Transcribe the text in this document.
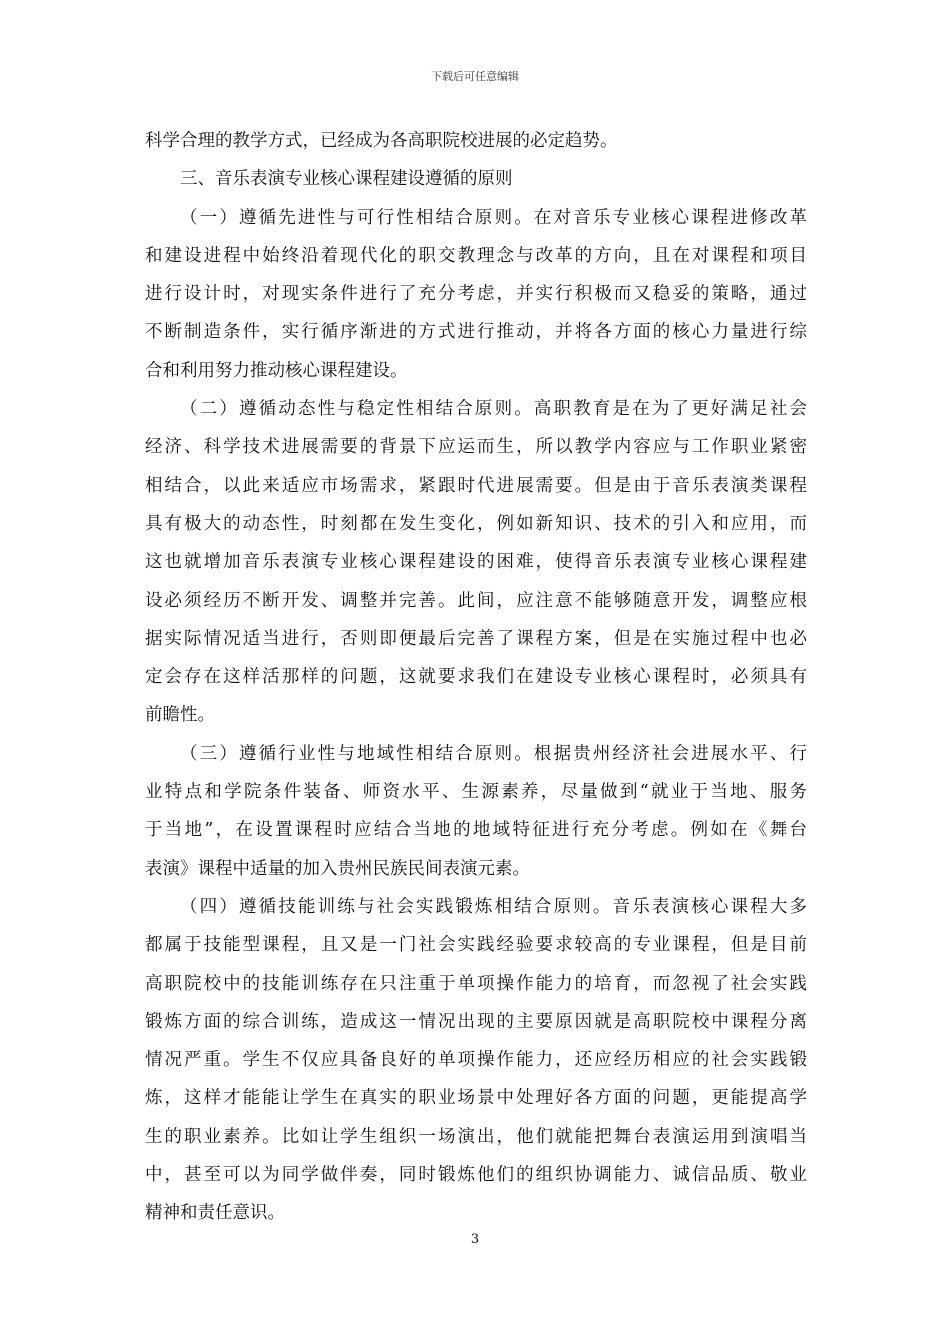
下载后可任意编辑
科学合理的教学方式，已经成为各高职院校进展的必定趋势。
三、音乐表演专业核心课程建设遵循的原则
（一）遵循先进性与可行性相结合原则。在对音乐专业核心课程进修改革
和建设进程中始终沿着现代化的职交教理念与改革的方向，且在对课程和项目
进行设计时，对现实条件进行了充分考虑，并实行积极而又稳妥的策略，通过
不断制造条件，实行循序渐进的方式进行推动，并将各方面的核心力量进行综
合和利用努力推动核心课程建设。
（二）遵循动态性与稳定性相结合原则。高职教育是在为了更好满足社会
经济、科学技术进展需要的背景下应运而生，所以教学内容应与工作职业紧密
相结合，以此来适应市场需求，紧跟时代进展需要。但是由于音乐表演类课程
具有极大的动态性，时刻都在发生变化，例如新知识、技术的引入和应用，而
这也就增加音乐表演专业核心课程建设的困难，使得音乐表演专业核心课程建
设必须经历不断开发、调整并完善。此间，应注意不能够随意开发，调整应根
据实际情况适当进行，否则即便最后完善了课程方案，但是在实施过程中也必
定会存在这样活那样的问题，这就要求我们在建设专业核心课程时，必须具有
前瞻性。
（三）遵循行业性与地域性相结合原则。根据贵州经济社会进展水平、行
业特点和学院条件装备、师资水平、生源素养，尽量做到“就业于当地、服务
于当地”，在设置课程时应结合当地的地域特征进行充分考虑。例如在《舞台
表演》课程中适量的加入贵州民族民间表演元素。
（四）遵循技能训练与社会实践锻炼相结合原则。音乐表演核心课程大多
都属于技能型课程，且又是一门社会实践经验要求较高的专业课程，但是目前
高职院校中的技能训练存在只注重于单项操作能力的培育，而忽视了社会实践
锻炼方面的综合训练，造成这一情况出现的主要原因就是高职院校中课程分离
情况严重。学生不仅应具备良好的单项操作能力，还应经历相应的社会实践锻
炼，这样才能能让学生在真实的职业场景中处理好各方面的问题，更能提高学
生的职业素养。比如让学生组织一场演出，他们就能把舞台表演运用到演唱当
中，甚至可以为同学做伴奏，同时锻炼他们的组织协调能力、诚信品质、敬业
精神和责任意识。
3
